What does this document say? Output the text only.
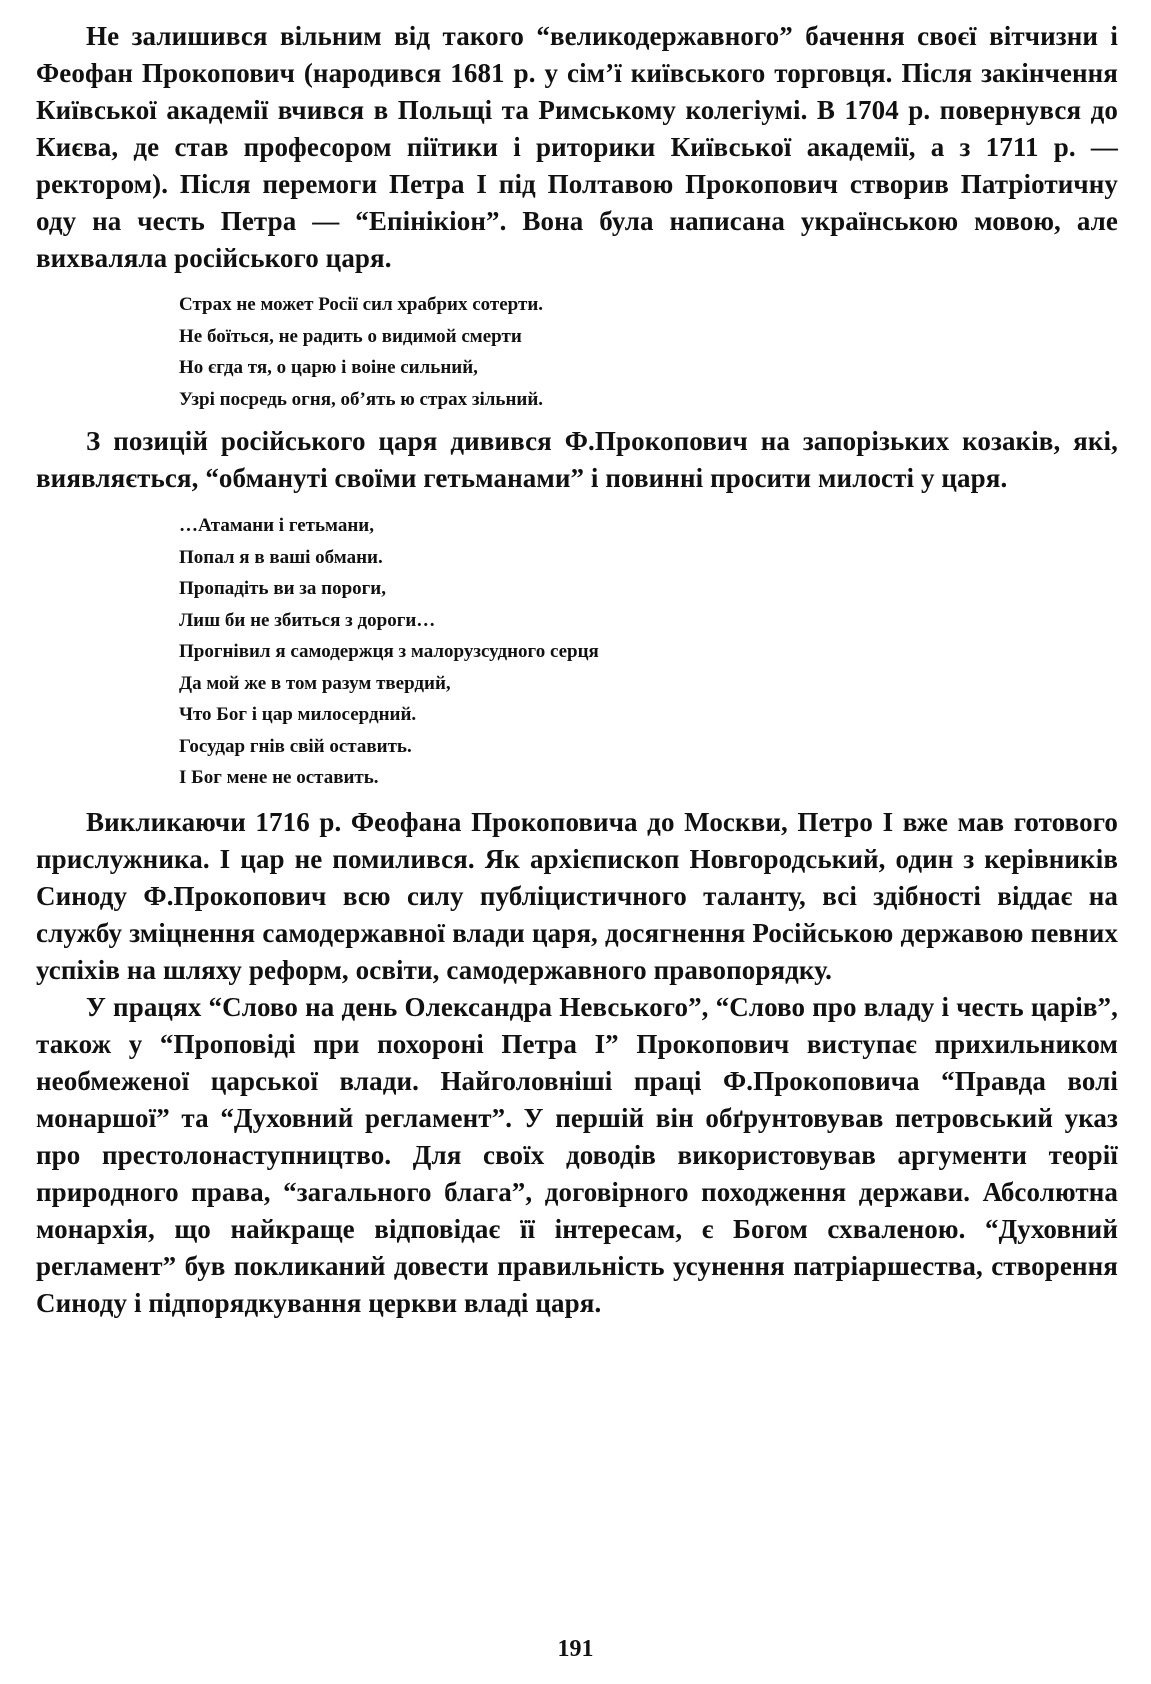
Не залишився вільним від такого “великодержавного” бачення своєї вітчизни і Феофан Прокопович (народився 1681 р. у сім’ї київського торговця. Після закінчення Київської академії вчився в Польщі та Римському колегіумі. В 1704 р. повернувся до Києва, де став професором піїтики і риторики Київської академії, а з 1711 р. — ректором). Після перемоги Петра I під Полтавою Прокопович створив Патріотичну оду на честь Петра — “Епінікіон”. Вона була написана українською мовою, але вихваляла російського царя.

Страх не может Росії сил храбрих сотерти.
Не боїться, не радить о видимой смерти
Но єгда тя, о царю і воіне сильний,
Узрі посредь огня, об’ять ю страх зільний.

З позицій російського царя дивився Ф.Прокопович на запорізьких козаків, які, виявляється, “обмануті своїми гетьманами” і повинні просити милості у царя.

…Атамани і гетьмани,
Попал я в ваші обмани.
Пропадіть ви за пороги,
Лиш би не збиться з дороги…
Прогнівил я самодержця з малорузсудного серця
Да мой же в том разум твердий,
Что Бог і цар милосердний.
Государ гнів свій оставить.
І Бог мене не оставить.

Викликаючи 1716 р. Феофана Прокоповича до Москви, Петро I вже мав готового прислужника. І цар не помилився. Як архієпископ Новгородський, один з керівників Синоду Ф.Прокопович всю силу публіцистичного таланту, всі здібності віддає на службу зміцнення самодержавної влади царя, досягнення Російською державою певних успіхів на шляху реформ, освіти, самодержавного правопорядку.

У працях “Слово на день Олександра Невського”, “Слово про владу і честь царів”, також у “Проповіді при похороні Петра I” Прокопович виступає прихильником необмеженої царської влади. Найголовніші праці Ф.Прокоповича “Правда волі монаршої” та “Духовний регламент”. У першій він обґрунтовував петровський указ про престолонаступництво. Для своїх доводів використовував аргументи теорії природного права, “загального блага”, договірного походження держави. Абсолютна монархія, що найкраще відповідає її інтересам, є Богом схваленою. “Духовний регламент” був покликаний довести правильність усунення патріаршества, створення Синоду і підпорядкування церкви владі царя.

191
